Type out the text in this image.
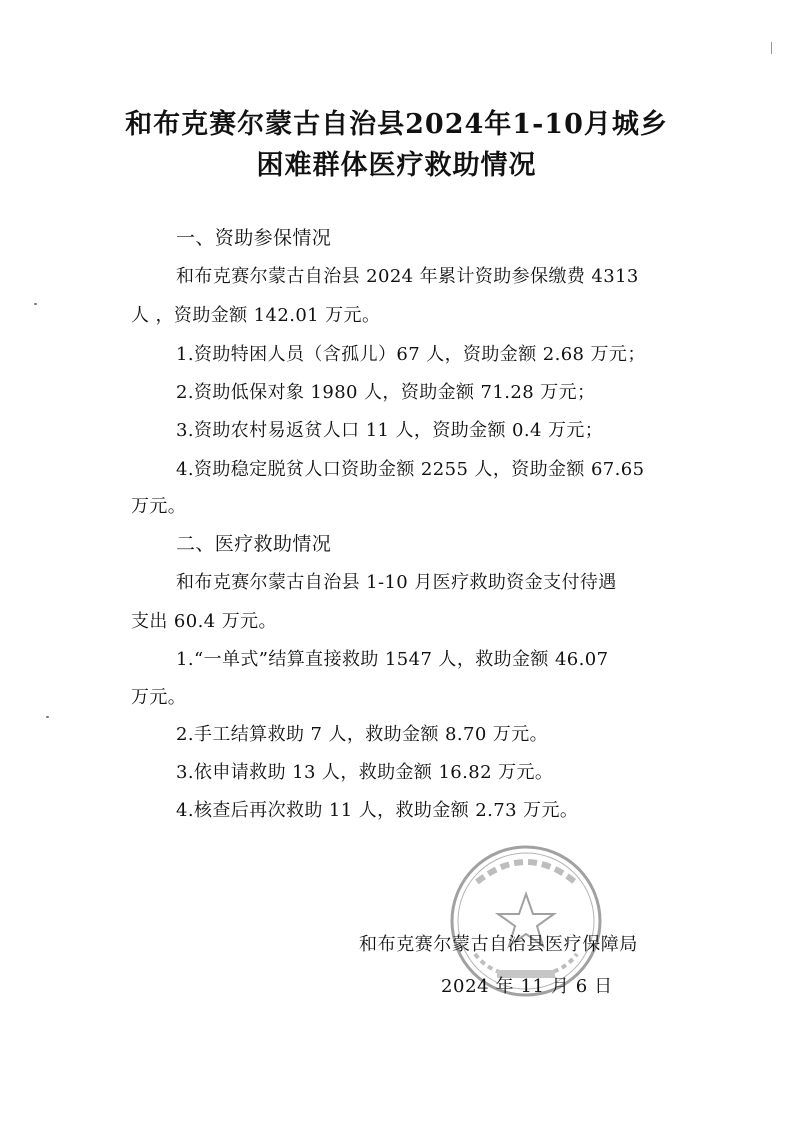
和布克赛尔蒙古自治县2024年1-10月城乡
困难群体医疗救助情况
一、资助参保情况
和布克赛尔蒙古自治县 2024 年累计资助参保缴费 4313
人 ，资助金额 142.01 万元。
1.资助特困人员（含孤儿）67 人，资助金额 2.68 万元；
2.资助低保对象 1980 人，资助金额 71.28 万元；
3.资助农村易返贫人口 11 人，资助金额 0.4 万元；
4.资助稳定脱贫人口资助金额 2255 人，资助金额 67.65
万元。
二、医疗救助情况
和布克赛尔蒙古自治县 1-10 月医疗救助资金支付待遇
支出 60.4 万元。
1.“一单式”结算直接救助 1547 人，救助金额 46.07
万元。
2.手工结算救助 7 人，救助金额 8.70 万元。
3.依申请救助 13 人，救助金额 16.82 万元。
4.核查后再次救助 11 人，救助金额 2.73 万元。
和布克赛尔蒙古自治县医疗保障局
2024 年 11 月 6 日
